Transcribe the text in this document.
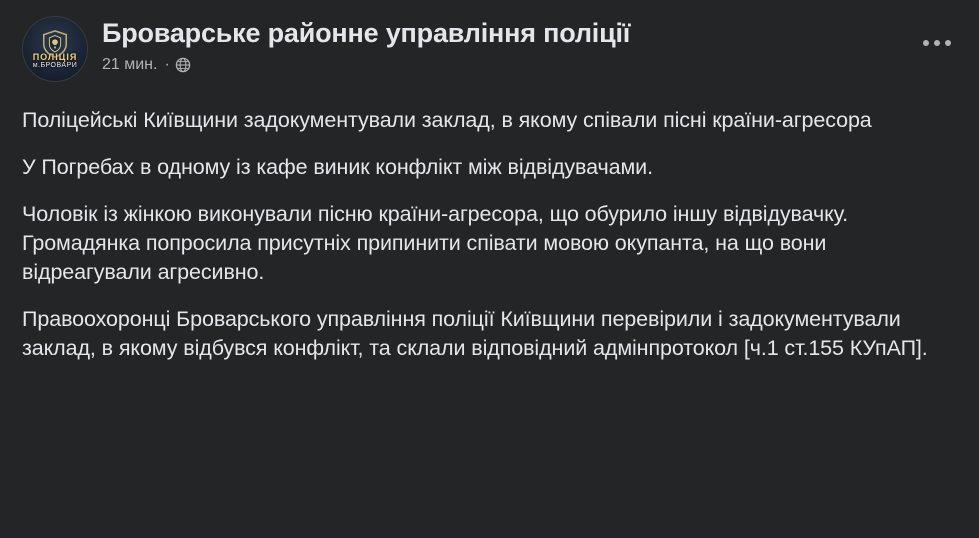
ПОЛІЦІЯ
м.БРОВАРИ
Броварське районне управління поліції
21 мин. ·

Поліцейські Київщини задокументували заклад, в якому співали пісні країни-агресора

У Погребах в одному із кафе виник конфлікт між відвідувачами.

Чоловік із жінкою виконували пісню країни-агресора, що обурило іншу відвідувачку. Громадянка попросила присутніх припинити співати мовою окупанта, на що вони відреагували агресивно.

Правоохоронці Броварського управління поліції Київщини перевірили і задокументували заклад, в якому відбувся конфлікт, та склали відповідний адмінпротокол [ч.1 ст.155 КУпАП].
